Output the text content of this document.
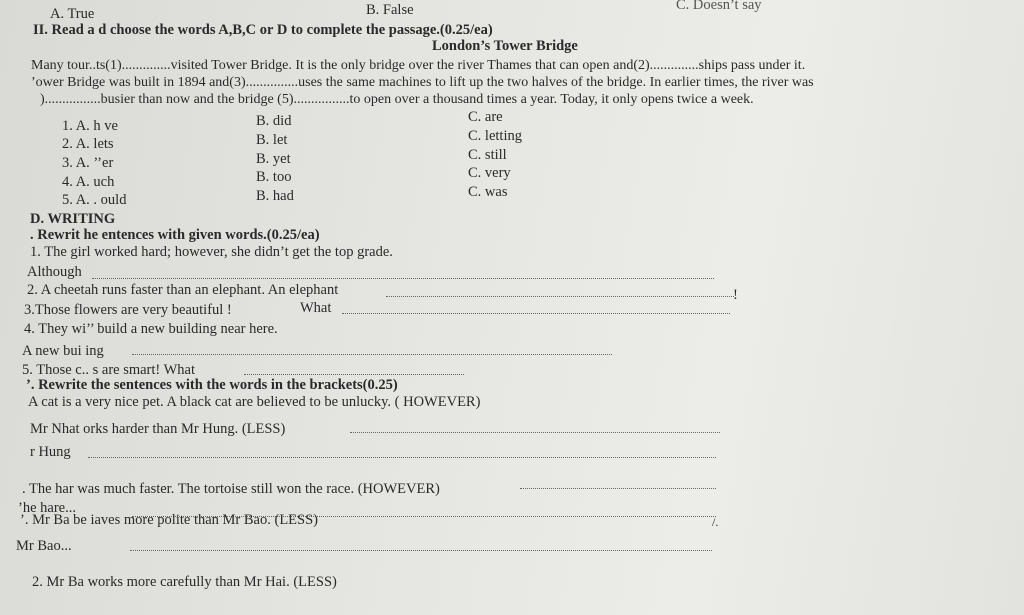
A. True	B. False	C. Doesn’t say
II. Read a d choose the words A,B,C or D to complete the passage.(0.25/ea)
London’s Tower Bridge
Many tour..ts(1)..............visited Tower Bridge. It is the only bridge over the river Thames that can open and(2)..............ships pass under it.
’ower Bridge was built in 1894 and(3)...............uses the same machines to lift up the two halves of the bridge. In earlier times, the river was
)................busier than now and the bridge (5)................to open over a thousand times a year. Today, it only opens twice a week.
1. A. h ve	B. did	C. are
2. A. lets	B. let	C. letting
3. A. ’’er	B. yet	C. still
4. A. uch	B. too	C. very
5. A. . ould	B. had	C. was
D. WRITING
. Rewrit he entences with given words.(0.25/ea)
1. The girl worked hard; however, she didn’t get the top grade.
Although
2. A cheetah runs faster than an elephant. An elephant
3.Those flowers are very beautiful !	What
!
4. They wi’’ build a new building near here.
A new bui ing
5. Those c.. s are smart! What
’. Rewrite the sentences with the words in the brackets(0.25)
A cat is a very nice pet. A black cat are believed to be unlucky. ( HOWEVER)
Mr Nhat orks harder than Mr Hung. (LESS)
r Hung
. The har was much faster. The tortoise still won the race. (HOWEVER)
’he hare...
’. Mr Ba be iaves more polite than Mr Bao. (LESS)
Mr Bao...
/.
2. Mr Ba works more carefully than Mr Hai. (LESS)
